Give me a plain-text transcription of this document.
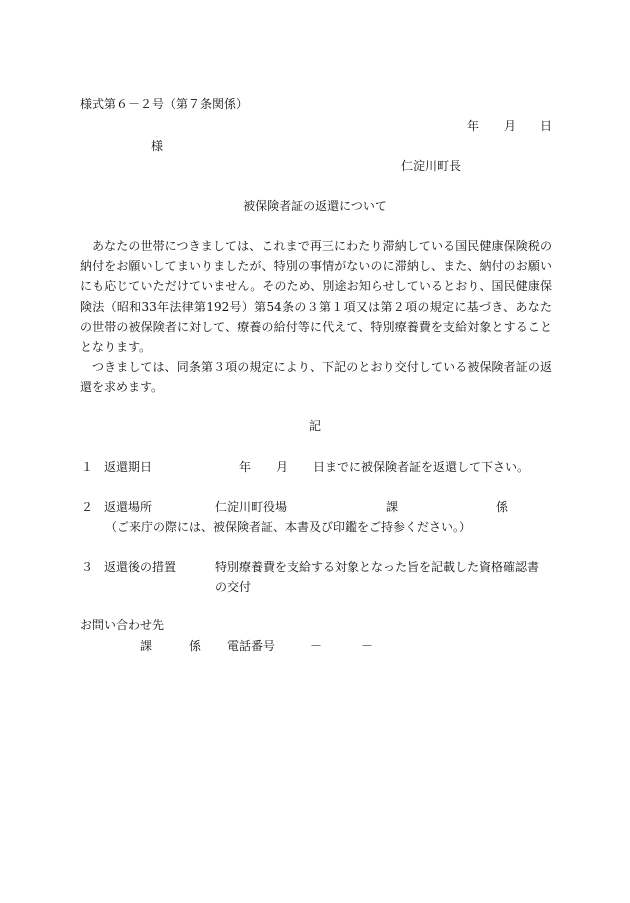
様式第６－２号（第７条関係）
年 月 日
様
仁淀川町長
被保険者証の返還について
あなたの世帯につきましては、これまで再三にわたり滞納している国民健康保険税の納付をお願いしてまいりましたが、特別の事情がないのに滞納し、また、納付のお願いにも応じていただけていません。そのため、別途お知らせしているとおり、国民健康保険法（昭和33年法律第192号）第54条の３第１項又は第２項の規定に基づき、あなたの世帯の被保険者に対して、療養の給付等に代えて、特別療養費を支給対象とすることとなります。
つきましては、同条第３項の規定により、下記のとおり交付している被保険者証の返還を求めます。
記
１ 返還期日	年 月 日までに被保険者証を返還して下さい。
２ 返還場所	仁淀川町役場	課	係
（ご来庁の際には、被保険者証、本書及び印鑑をご持参ください。）
３ 返還後の措置	特別療養費を支給する対象となった旨を記載した資格確認書
の交付
お問い合わせ先
課	係 電話番号	－	－
